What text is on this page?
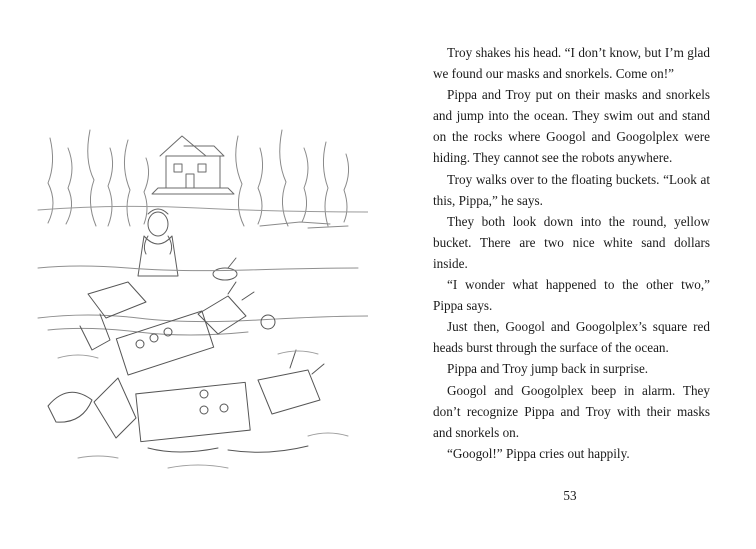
Troy shakes his head. “I don’t know, but I’m glad we found our masks and snorkels. Come on!”

Pippa and Troy put on their masks and snorkels and jump into the ocean. They swim out and stand on the rocks where Googol and Googolplex were hiding. They cannot see the robots anywhere.

Troy walks over to the floating buckets. “Look at this, Pippa,” he says.

They both look down into the round, yellow bucket. There are two nice white sand dollars inside.

“I wonder what happened to the other two,” Pippa says.

Just then, Googol and Googolplex’s square red heads burst through the surface of the ocean.

Pippa and Troy jump back in surprise.

Googol and Googolplex beep in alarm. They don’t recognize Pippa and Troy with their masks and snorkels on.

“Googol!” Pippa cries out happily.

53
